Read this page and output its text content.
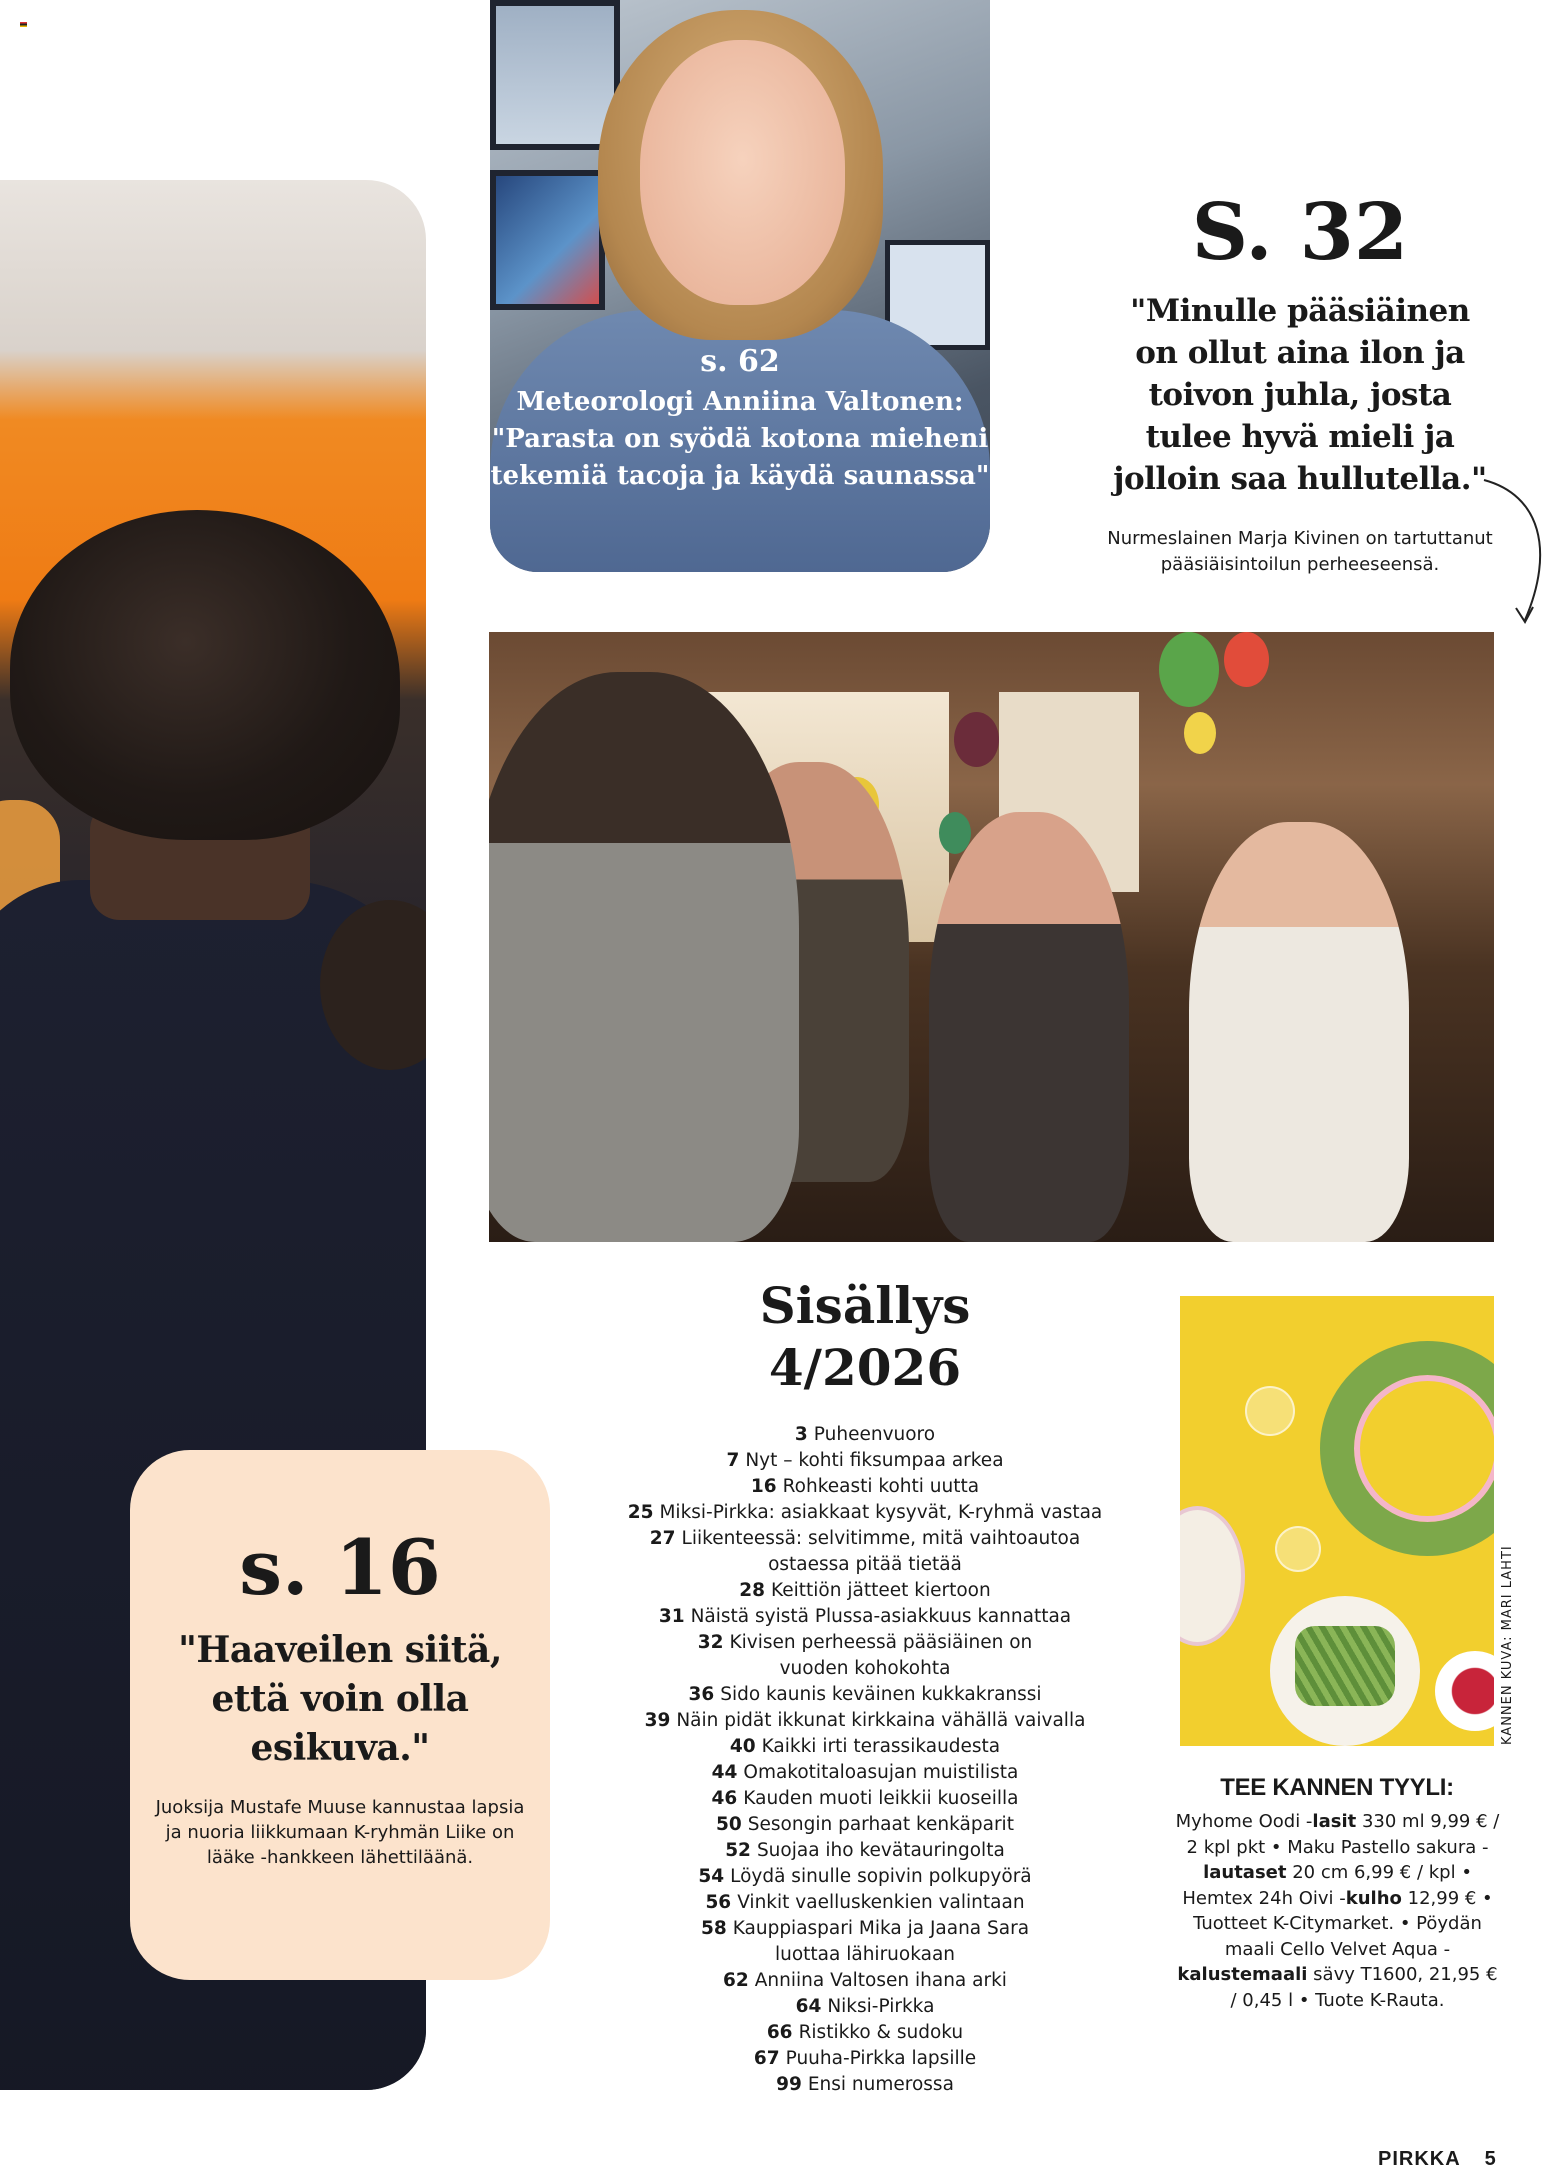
s. 62
Meteorologi Anniina Valtonen: "Parasta on syödä kotona mieheni tekemiä tacoja ja käydä saunassa"
S. 32
"Minulle pääsiäinen on ollut aina ilon ja toivon juhla, josta tulee hyvä mieli ja jolloin saa hullutella."
Nurmeslainen Marja Kivinen on tartuttanut pääsiäisintoilun perheeseensä.
s. 16
"Haaveilen siitä, että voin olla esikuva."
Juoksija Mustafe Muuse kannustaa lapsia ja nuoria liikkumaan K-ryhmän Liike on lääke -hankkeen lähettiläänä.
Sisällys
4/2026
3 Puheenvuoro
7 Nyt – kohti fiksumpaa arkea
16 Rohkeasti kohti uutta
25 Miksi-Pirkka: asiakkaat kysyvät, K-ryhmä vastaa
27 Liikenteessä: selvitimme, mitä vaihtoautoa
ostaessa pitää tietää
28 Keittiön jätteet kiertoon
31 Näistä syistä Plussa-asiakkuus kannattaa
32 Kivisen perheessä pääsiäinen on
vuoden kohokohta
36 Sido kaunis keväinen kukkakranssi
39 Näin pidät ikkunat kirkkaina vähällä vaivalla
40 Kaikki irti terassikaudesta
44 Omakotitaloasujan muistilista
46 Kauden muoti leikkii kuoseilla
50 Sesongin parhaat kenkäparit
52 Suojaa iho kevätauringolta
54 Löydä sinulle sopivin polkupyörä
56 Vinkit vaelluskenkien valintaan
58 Kauppiaspari Mika ja Jaana Sara
luottaa lähiruokaan
62 Anniina Valtosen ihana arki
64 Niksi-Pirkka
66 Ristikko & sudoku
67 Puuha-Pirkka lapsille
99 Ensi numerossa
KANNEN KUVA: MARI LAHTI
TEE KANNEN TYYLI:
Myhome Oodi -lasit 330 ml 9,99 € / 2 kpl pkt • Maku Pastello sakura -lautaset 20 cm 6,99 € / kpl • Hemtex 24h Oivi -kulho 12,99 € • Tuotteet K-Citymarket. • Pöydän maali Cello Velvet Aqua -kalustemaali sävy T1600, 21,95 € / 0,45 l • Tuote K-Rauta.
PIRKKA 5
